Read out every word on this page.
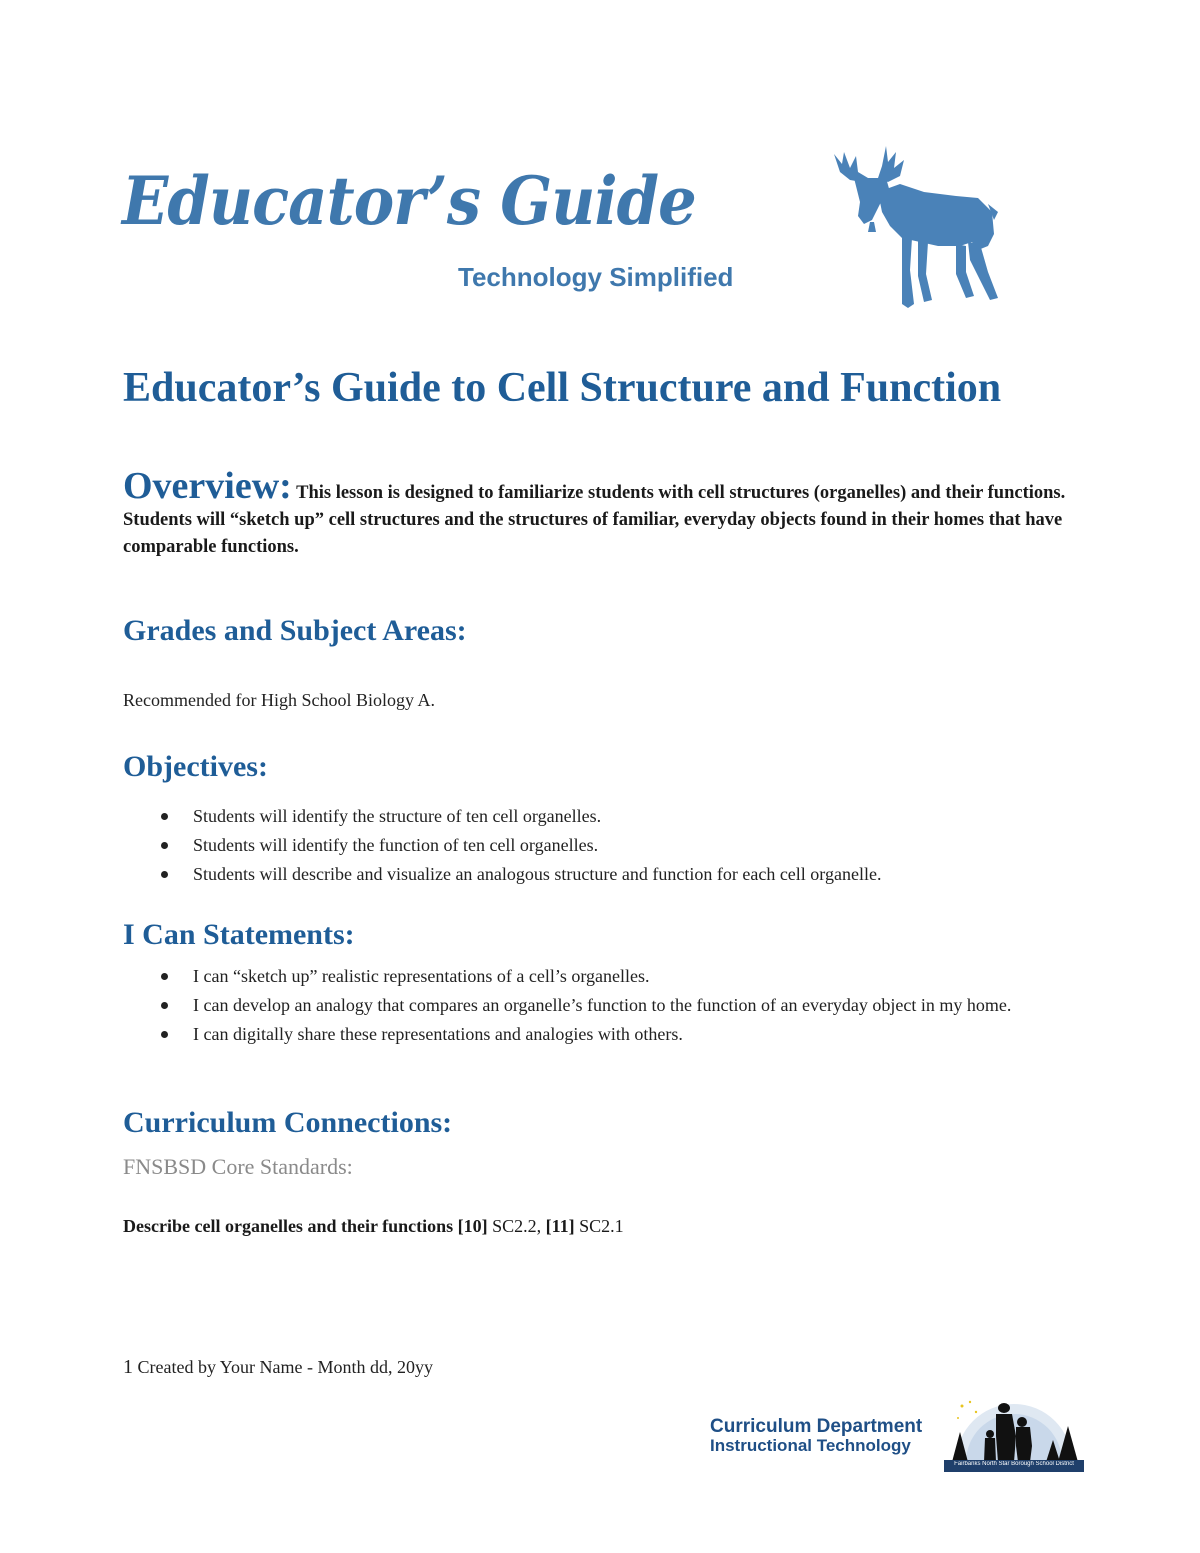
Educator’s Guide
Technology Simplified
Educator’s Guide to Cell Structure and Function
Overview: This lesson is designed to familiarize students with cell structures (organelles) and their functions. Students will “sketch up” cell structures and the structures of familiar, everyday objects found in their homes that have comparable functions.
Grades and Subject Areas:
Recommended for High School Biology A.
Objectives:
Students will identify the structure of ten cell organelles.
Students will identify the function of ten cell organelles.
Students will describe and visualize an analogous structure and function for each cell organelle.
I Can Statements:
I can “sketch up” realistic representations of a cell’s organelles.
I can develop an analogy that compares an organelle’s function to the function of an everyday object in my home.
I can digitally share these representations and analogies with others.
Curriculum Connections:
FNSBSD Core Standards:
Describe cell organelles and their functions [10] SC2.2, [11] SC2.1
1 Created by Your Name - Month dd, 20yy
Curriculum Department
Instructional Technology
Fairbanks North Star Borough School District
